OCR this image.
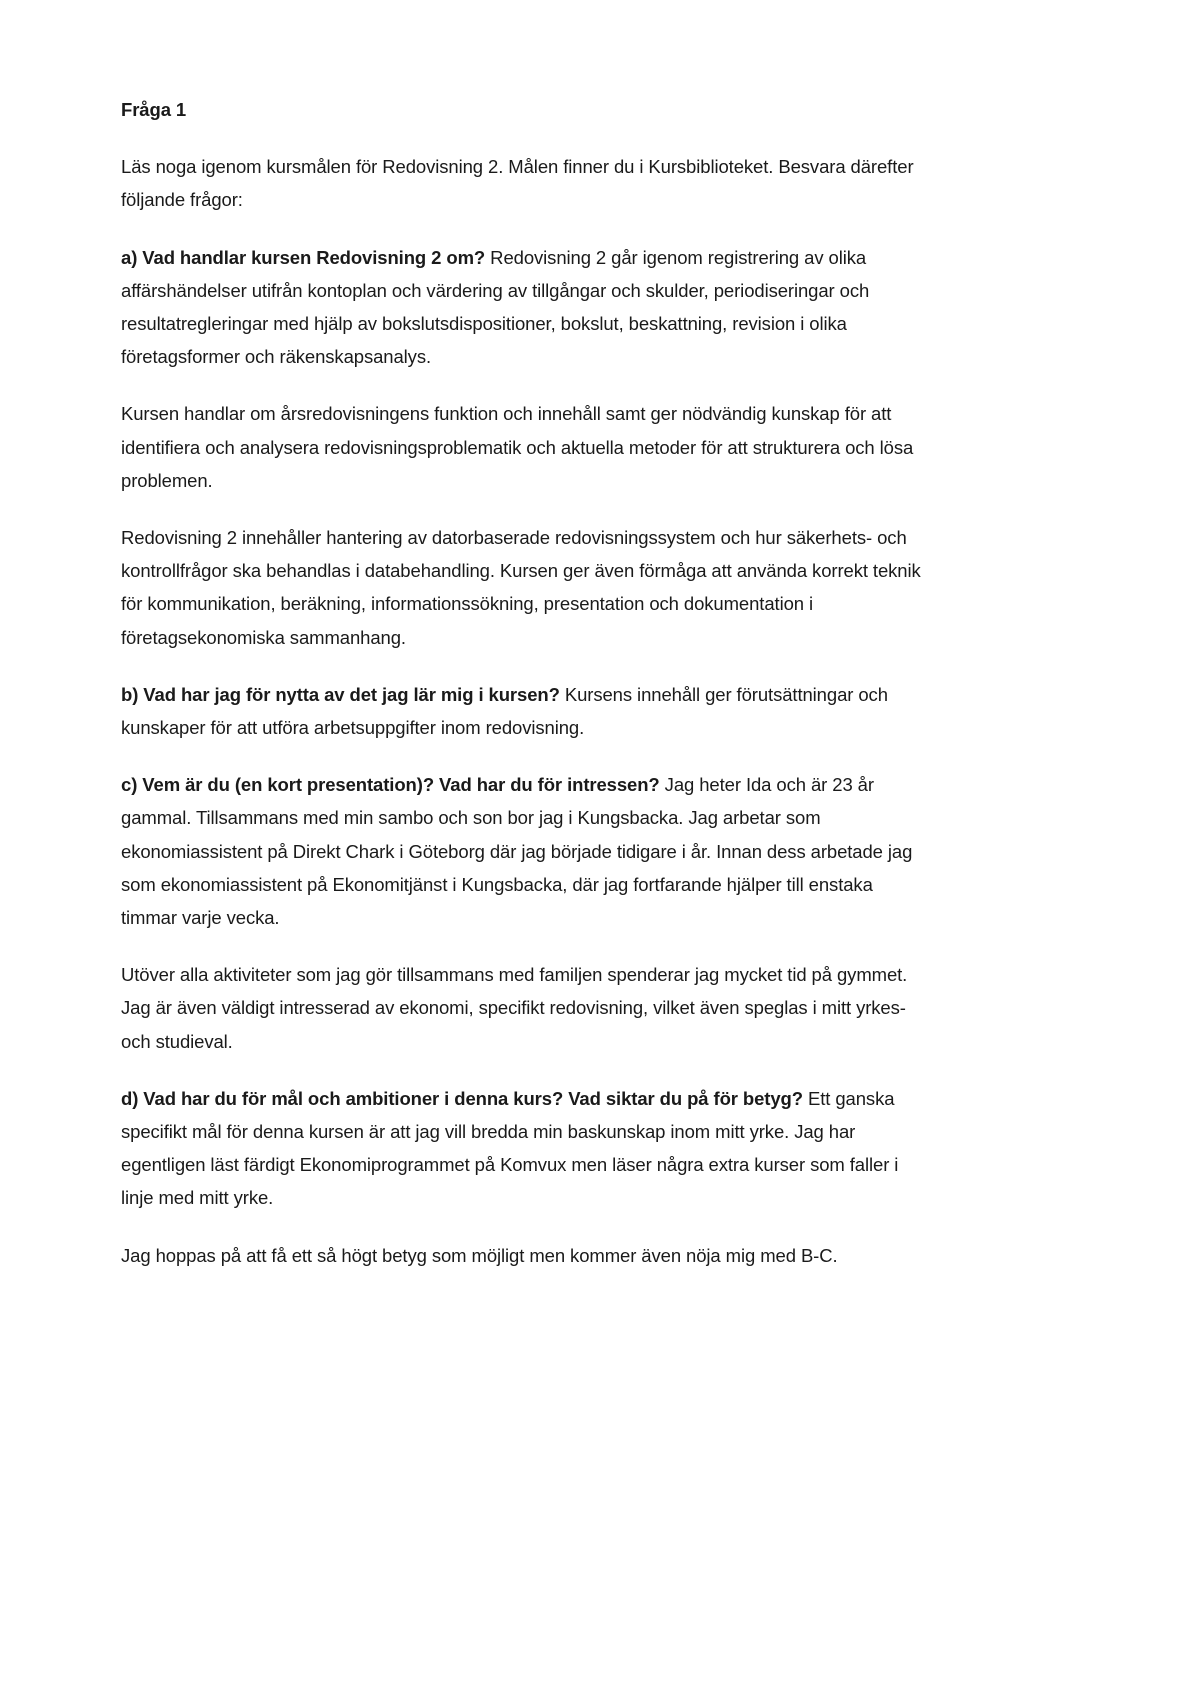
Fråga 1

Läs noga igenom kursmålen för Redovisning 2. Målen finner du i Kursbiblioteket. Besvara därefter följande frågor:

a) Vad handlar kursen Redovisning 2 om? Redovisning 2 går igenom registrering av olika affärshändelser utifrån kontoplan och värdering av tillgångar och skulder, periodiseringar och resultatregleringar med hjälp av bokslutsdispositioner, bokslut, beskattning, revision i olika företagsformer och räkenskapsanalys.

Kursen handlar om årsredovisningens funktion och innehåll samt ger nödvändig kunskap för att identifiera och analysera redovisningsproblematik och aktuella metoder för att strukturera och lösa problemen.

Redovisning 2 innehåller hantering av datorbaserade redovisningssystem och hur säkerhets- och kontrollfrågor ska behandlas i databehandling. Kursen ger även förmåga att använda korrekt teknik för kommunikation, beräkning, informationssökning, presentation och dokumentation i företagsekonomiska sammanhang.

b) Vad har jag för nytta av det jag lär mig i kursen? Kursens innehåll ger förutsättningar och kunskaper för att utföra arbetsuppgifter inom redovisning.

c) Vem är du (en kort presentation)? Vad har du för intressen? Jag heter Ida och är 23 år gammal. Tillsammans med min sambo och son bor jag i Kungsbacka. Jag arbetar som ekonomiassistent på Direkt Chark i Göteborg där jag började tidigare i år. Innan dess arbetade jag som ekonomiassistent på Ekonomitjänst i Kungsbacka, där jag fortfarande hjälper till enstaka timmar varje vecka.

Utöver alla aktiviteter som jag gör tillsammans med familjen spenderar jag mycket tid på gymmet. Jag är även väldigt intresserad av ekonomi, specifikt redovisning, vilket även speglas i mitt yrkes- och studieval.

d) Vad har du för mål och ambitioner i denna kurs? Vad siktar du på för betyg? Ett ganska specifikt mål för denna kursen är att jag vill bredda min baskunskap inom mitt yrke. Jag har egentligen läst färdigt Ekonomiprogrammet på Komvux men läser några extra kurser som faller i linje med mitt yrke.

Jag hoppas på att få ett så högt betyg som möjligt men kommer även nöja mig med B-C.
